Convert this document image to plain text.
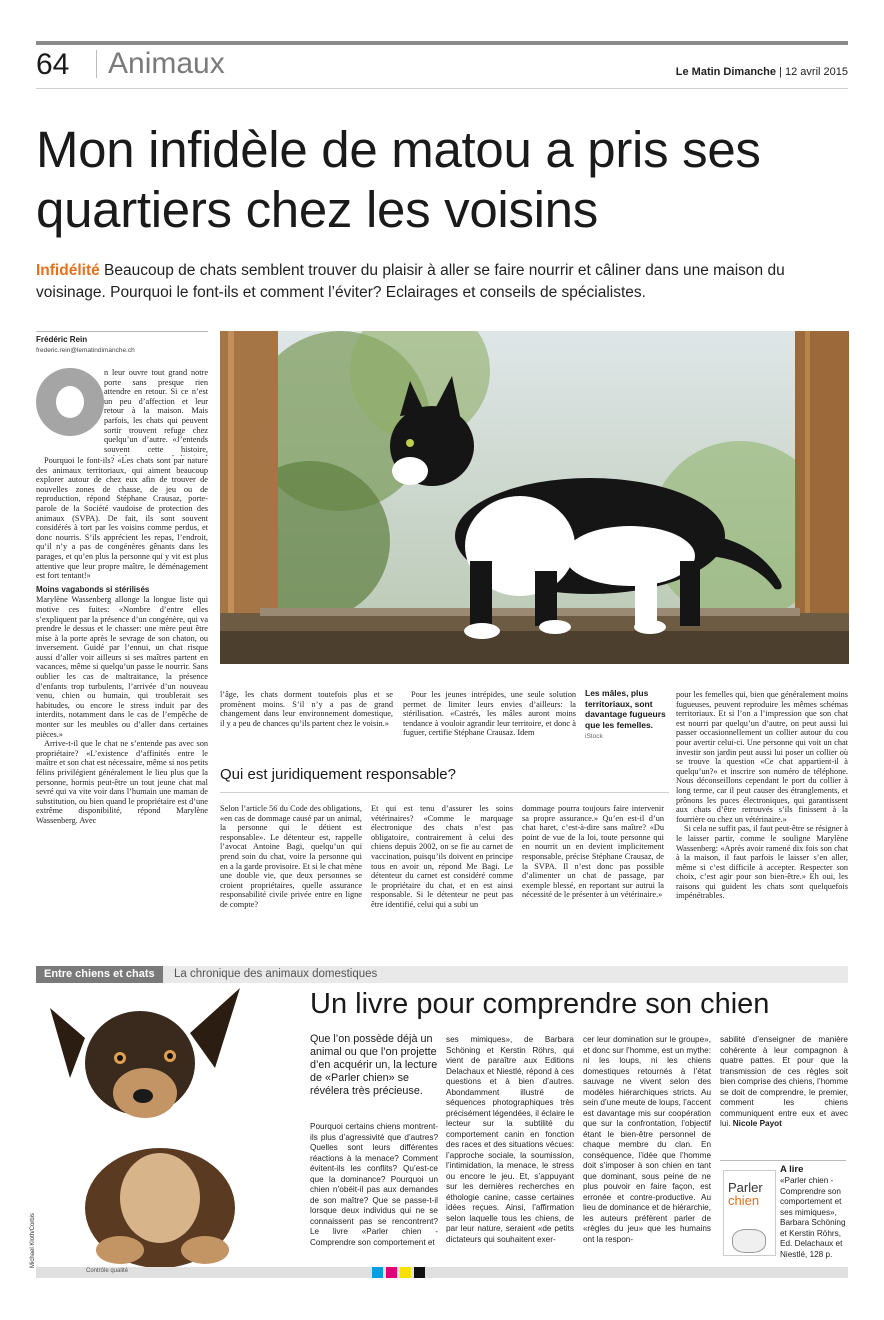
64 Animaux	Le Matin Dimanche | 12 avril 2015
Mon infidèle de matou a pris ses quartiers chez les voisins

Infidélité Beaucoup de chats semblent trouver du plaisir à aller se faire nourrir et câliner dans une maison du voisinage. Pourquoi le font-ils et comment l’éviter? Eclairages et conseils de spécialistes.

Frédéric Rein
frederic.rein@lematindimanche.ch

n leur ouvre tout grand notre porte sans presque rien attendre en retour. Si ce n’est un peu d’affection et leur retour à la maison. Mais parfois, les chats qui peuvent sortir trouvent refuge chez quelqu’un d’autre. «J’entends souvent cette histoire,

Pourquoi le font-ils? «Les chats sont par nature des animaux territoriaux, qui aiment beaucoup explorer autour de chez eux afin de trouver de nouvelles zones de chasse, de jeu ou de reproduction, répond Stéphane Crausaz, porte-parole de la Société vaudoise de protection des animaux (SVPA). De fait, ils sont souvent considérés à tort par les voisins comme perdus, et donc nourris. S’ils apprécient les repas, l’endroit, qu’il n’y a pas de congénères gênants dans les parages, et qu’en plus la personne qui y vit est plus attentive que leur propre maître, le déménagement est fort tentant!»

Moins vagabonds si stérilisés

Marylène Wassenberg allonge la longue liste qui motive ces fuites: «Nombre d’entre elles s’expliquent par la présence d’un congénère, qui va prendre le dessus et le chasser: une mère peut être mise à la porte après le sevrage de son chaton, ou inversement. Guidé par l’ennui, un chat risque aussi d’aller voir ailleurs si ses maîtres partent en vacances, même si quelqu’un passe le nourrir. Sans oublier les cas de maltraitance, la présence d’enfants trop turbulents, l’arrivée d’un nouveau venu, chien ou humain, qui troublerait ses habitudes, ou encore le stress induit par des interdits, notamment dans le cas de l’empêche de monter sur les meubles ou d’aller dans certaines pièces.»

Arrive-t-il que le chat ne s’entende pas avec son propriétaire? «L’existence d’affinités entre le maître et son chat est nécessaire, même si nos petits félins privilégient généralement le lieu plus que la personne, hormis peut-être un tout jeune chat mal sevré qui va vite voir dans l’humain une maman de substitution, ou bien quand le propriétaire est d’une extrême disponibilité, répond Marylène Wassenberg. Avec

l’âge, les chats dorment toutefois plus et se promènent moins. S’il n’y a pas de grand changement dans leur environnement domestique, il y a peu de chances qu’ils partent chez le voisin.»

Pour les jeunes intrépides, une seule solution permet de limiter leurs envies d’ailleurs: la stérilisation. «Castrés, les mâles auront moins tendance à vouloir agrandir leur territoire, et donc à fuguer, certifie Stéphane Crausaz. Idem

Les mâles, plus territoriaux, sont davantage fugueurs que les femelles. iStock

pour les femelles qui, bien que généralement moins fugueuses, peuvent reproduire les mêmes schémas territoriaux. Et si l’on a l’impression que son chat est nourri par quelqu’un d’autre, on peut aussi lui passer occasionnellement un collier autour du cou pour avertir celui-ci. Une personne qui voit un chat investir son jardin peut aussi lui poser un collier où se trouve la question «Ce chat appartient-il à quelqu’un?» et inscrire son numéro de téléphone. Nous déconseillons cependant le port du collier à long terme, car il peut causer des étranglements, et prônons les puces électroniques, qui garantissent aux chats d’être retrouvés s’ils finissent à la fourrière ou chez un vétérinaire.»

Si cela ne suffit pas, il faut peut-être se résigner à le laisser partir, comme le souligne Marylène Wassenberg: «Après avoir ramené dix fois son chat à la maison, il faut parfois le laisser s’en aller, même si c’est difficile à accepter. Respecter son choix, c’est agir pour son bien-être.» Eh oui, les raisons qui guident les chats sont quelquefois impénétrables.

Qui est juridiquement responsable?

Selon l’article 56 du Code des obligations, «en cas de dommage causé par un animal, la personne qui le détient est responsable». Le détenteur est, rappelle l’avocat Antoine Bagi, quelqu’un qui prend soin du chat, voire la personne qui en a la garde provisoire. Et si le chat mène une double vie, que deux personnes se croient propriétaires, quelle assurance responsabilité civile privée entre en ligne de compte?

Et qui est tenu d’assurer les soins vétérinaires? «Comme le marquage électronique des chats n’est pas obligatoire, contrairement à celui des chiens depuis 2002, on se fie au carnet de vaccination, puisqu’ils doivent en principe tous en avoir un, répond Me Bagi. Le détenteur du carnet est considéré comme le propriétaire du chat, et en est ainsi responsable. Si le détenteur ne peut pas être identifié, celui qui a subi un

dommage pourra toujours faire intervenir sa propre assurance.» Qu’en est-il d’un chat haret, c’est-à-dire sans maître? «Du point de vue de la loi, toute personne qui en nourrit un en devient implicitement responsable, précise Stéphane Crausaz, de la SVPA. Il n’est donc pas possible d’alimenter un chat de passage, par exemple blessé, en reportant sur autrui la nécessité de le présenter à un vétérinaire.»

Entre chiens et chats	La chronique des animaux domestiques
Michael Kloth/Corbis
Un livre pour comprendre son chien
Que l’on possède déjà un animal ou que l’on projette d’en acquérir un, la lecture de «Parler chien» se révélera très précieuse.

Pourquoi certains chiens montrent-ils plus d’agressivité que d’autres? Quelles sont leurs différentes réactions à la menace? Comment évitent-ils les conflits? Qu’est-ce que la dominance? Pourquoi un chien n’obéit-il pas aux demandes de son maître? Que se passe-t-il lorsque deux individus qui ne se connaissent pas se rencontrent? Le livre «Parler chien - Comprendre son comportement et

ses mimiques», de Barbara Schöning et Kerstin Röhrs, qui vient de paraître aux Editions Delachaux et Niestlé, répond à ces questions et à bien d’autres. Abondamment illustré de séquences photographiques très précisément légendées, il éclaire le lecteur sur la subtilité du comportement canin en fonction des races et des situations vécues: l’approche sociale, la soumission, l’intimidation, la menace, le stress ou encore le jeu. Et, s’appuyant sur les dernières recherches en éthologie canine, casse certaines idées reçues. Ainsi, l’affirmation selon laquelle tous les chiens, de par leur nature, seraient «de petits dictateurs qui souhaitent exer-

cer leur domination sur le groupe», et donc sur l’homme, est un mythe: ni les loups, ni les chiens domestiques retournés à l’état sauvage ne vivent selon des modèles hiérarchiques stricts. Au sein d’une meute de loups, l’accent est davantage mis sur coopération que sur la confrontation, l’objectif étant le bien-être personnel de chaque membre du clan. En conséquence, l’idée que l’homme doit s’imposer à son chien en tant que dominant, sous peine de ne plus pouvoir en faire façon, est erronée et contre-productive. Au lieu de dominance et de hiérarchie, les auteurs préfèrent parler de «règles du jeu» que les humains ont la respon-

sabilité d’enseigner de manière cohérente à leur compagnon à quatre pattes. Et pour que la transmission de ces règles soit bien comprise des chiens, l’homme se doit de comprendre, le premier, comment les chiens communiquent entre eux et avec lui. Nicole Payot

Parler
chien
A lire
«Parler chien - Comprendre son comportement et ses mimiques», Barbara Schöning et Kerstin Röhrs, Ed. Delachaux et Niestlé, 128 p.
Contrôle qualité
